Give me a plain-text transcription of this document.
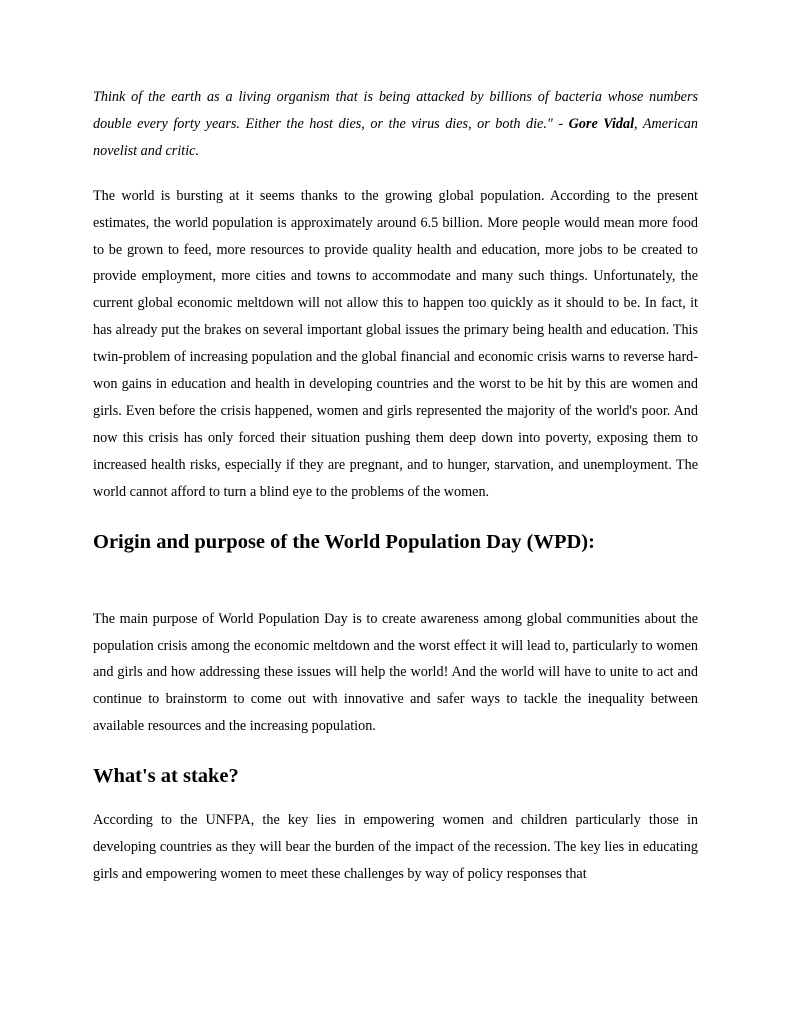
Think of the earth as a living organism that is being attacked by billions of bacteria whose numbers double every forty years. Either the host dies, or the virus dies, or both die." - Gore Vidal, American novelist and critic.

The world is bursting at it seems thanks to the growing global population. According to the present estimates, the world population is approximately around 6.5 billion. More people would mean more food to be grown to feed, more resources to provide quality health and education, more jobs to be created to provide employment, more cities and towns to accommodate and many such things. Unfortunately, the current global economic meltdown will not allow this to happen too quickly as it should to be. In fact, it has already put the brakes on several important global issues the primary being health and education. This twin-problem of increasing population and the global financial and economic crisis warns to reverse hard-won gains in education and health in developing countries and the worst to be hit by this are women and girls. Even before the crisis happened, women and girls represented the majority of the world's poor. And now this crisis has only forced their situation pushing them deep down into poverty, exposing them to increased health risks, especially if they are pregnant, and to hunger, starvation, and unemployment. The world cannot afford to turn a blind eye to the problems of the women.

Origin and purpose of the World Population Day (WPD):

The main purpose of World Population Day is to create awareness among global communities about the population crisis among the economic meltdown and the worst effect it will lead to, particularly to women and girls and how addressing these issues will help the world! And the world will have to unite to act and continue to brainstorm to come out with innovative and safer ways to tackle the inequality between available resources and the increasing population.

What's at stake?

According to the UNFPA, the key lies in empowering women and children particularly those in developing countries as they will bear the burden of the impact of the recession. The key lies in educating girls and empowering women to meet these challenges by way of policy responses that
